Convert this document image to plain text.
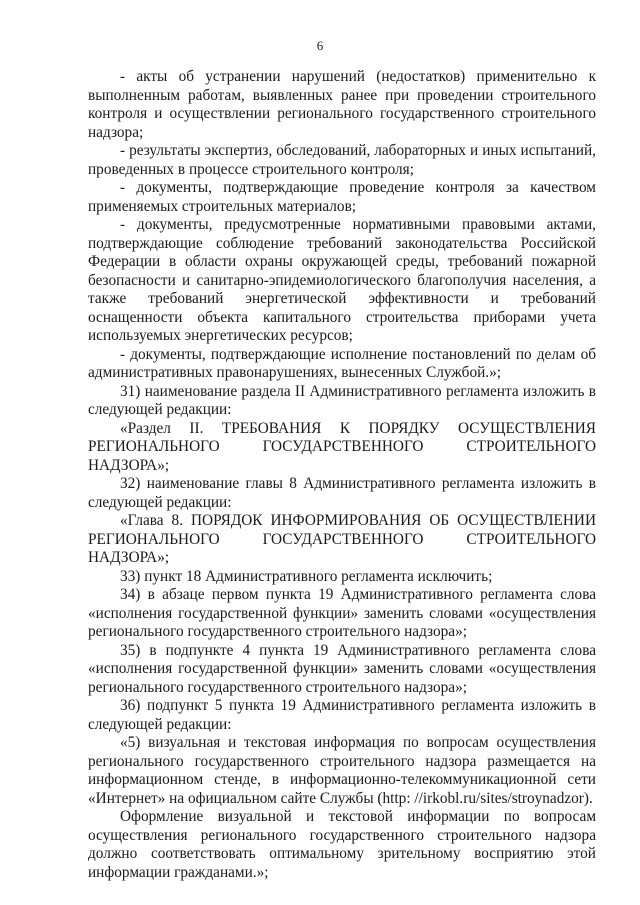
6

- акты об устранении нарушений (недостатков) применительно к выполненным работам, выявленных ранее при проведении строительного контроля и осуществлении регионального государственного строительного надзора;

- результаты экспертиз, обследований, лабораторных и иных испытаний, проведенных в процессе строительного контроля;

- документы, подтверждающие проведение контроля за качеством применяемых строительных материалов;

- документы, предусмотренные нормативными правовыми актами, подтверждающие соблюдение требований законодательства Российской Федерации в области охраны окружающей среды, требований пожарной безопасности и санитарно-эпидемиологического благополучия населения, а также требований энергетической эффективности и требований оснащенности объекта капитального строительства приборами учета используемых энергетических ресурсов;

- документы, подтверждающие исполнение постановлений по делам об административных правонарушениях, вынесенных Службой.»;

31) наименование раздела II Административного регламента изложить в следующей редакции:

«Раздел II. ТРЕБОВАНИЯ К ПОРЯДКУ ОСУЩЕСТВЛЕНИЯ РЕГИОНАЛЬНОГО ГОСУДАРСТВЕННОГО СТРОИТЕЛЬНОГО НАДЗОРА»;

32) наименование главы 8 Административного регламента изложить в следующей редакции:

«Глава 8. ПОРЯДОК ИНФОРМИРОВАНИЯ ОБ ОСУЩЕСТВЛЕНИИ РЕГИОНАЛЬНОГО ГОСУДАРСТВЕННОГО СТРОИТЕЛЬНОГО НАДЗОРА»;

33) пункт 18 Административного регламента исключить;

34) в абзаце первом пункта 19 Административного регламента слова «исполнения государственной функции» заменить словами «осуществления регионального государственного строительного надзора»;

35) в подпункте 4 пункта 19 Административного регламента слова «исполнения государственной функции» заменить словами «осуществления регионального государственного строительного надзора»;

36) подпункт 5 пункта 19 Административного регламента изложить в следующей редакции:

«5) визуальная и текстовая информация по вопросам осуществления регионального государственного строительного надзора размещается на информационном стенде, в информационно-телекоммуникационной сети «Интернет» на официальном сайте Службы (http: //irkobl.ru/sites/stroynadzor).

Оформление визуальной и текстовой информации по вопросам осуществления регионального государственного строительного надзора должно соответствовать оптимальному зрительному восприятию этой информации гражданами.»;
